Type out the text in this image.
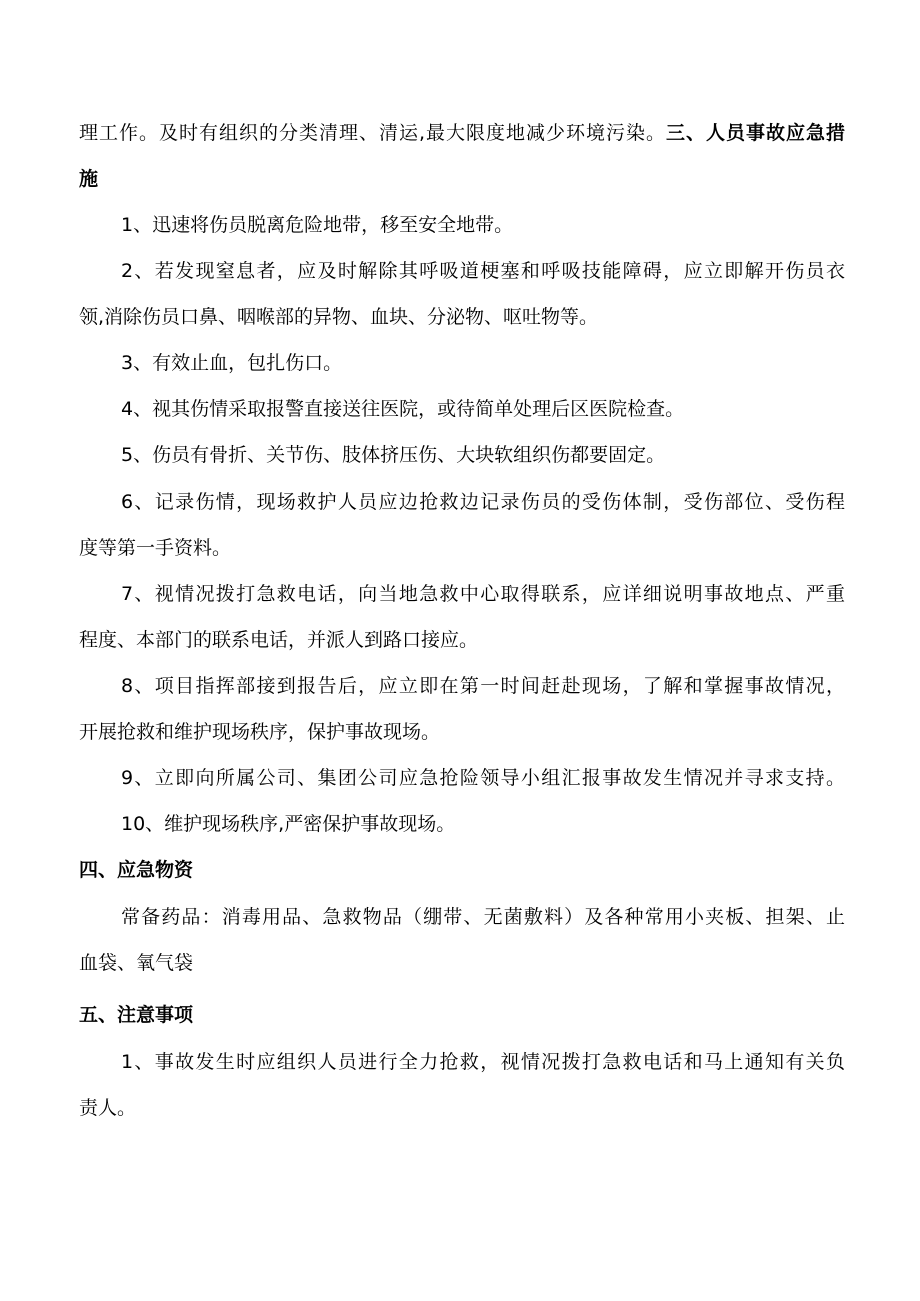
理工作。及时有组织的分类清理、清运,最大限度地减少环境污染。三、人员事故应急措
施
1、迅速将伤员脱离危险地带，移至安全地带。
2、若发现窒息者，应及时解除其呼吸道梗塞和呼吸技能障碍，应立即解开伤员衣
领,消除伤员口鼻、咽喉部的异物、血块、分泌物、呕吐物等。
3、有效止血，包扎伤口。
4、视其伤情采取报警直接送往医院，或待简单处理后区医院检查。
5、伤员有骨折、关节伤、肢体挤压伤、大块软组织伤都要固定。
6、记录伤情，现场救护人员应边抢救边记录伤员的受伤体制，受伤部位、受伤程
度等第一手资料。
7、视情况拨打急救电话，向当地急救中心取得联系，应详细说明事故地点、严重
程度、本部门的联系电话，并派人到路口接应。
8、项目指挥部接到报告后，应立即在第一时间赶赴现场，了解和掌握事故情况，
开展抢救和维护现场秩序，保护事故现场。
9、立即向所属公司、集团公司应急抢险领导小组汇报事故发生情况并寻求支持。
10、维护现场秩序,严密保护事故现场。
四、应急物资
常备药品：消毒用品、急救物品（绷带、无菌敷料）及各种常用小夹板、担架、止
血袋、氧气袋
五、注意事项
1、事故发生时应组织人员进行全力抢救，视情况拨打急救电话和马上通知有关负
责人。
